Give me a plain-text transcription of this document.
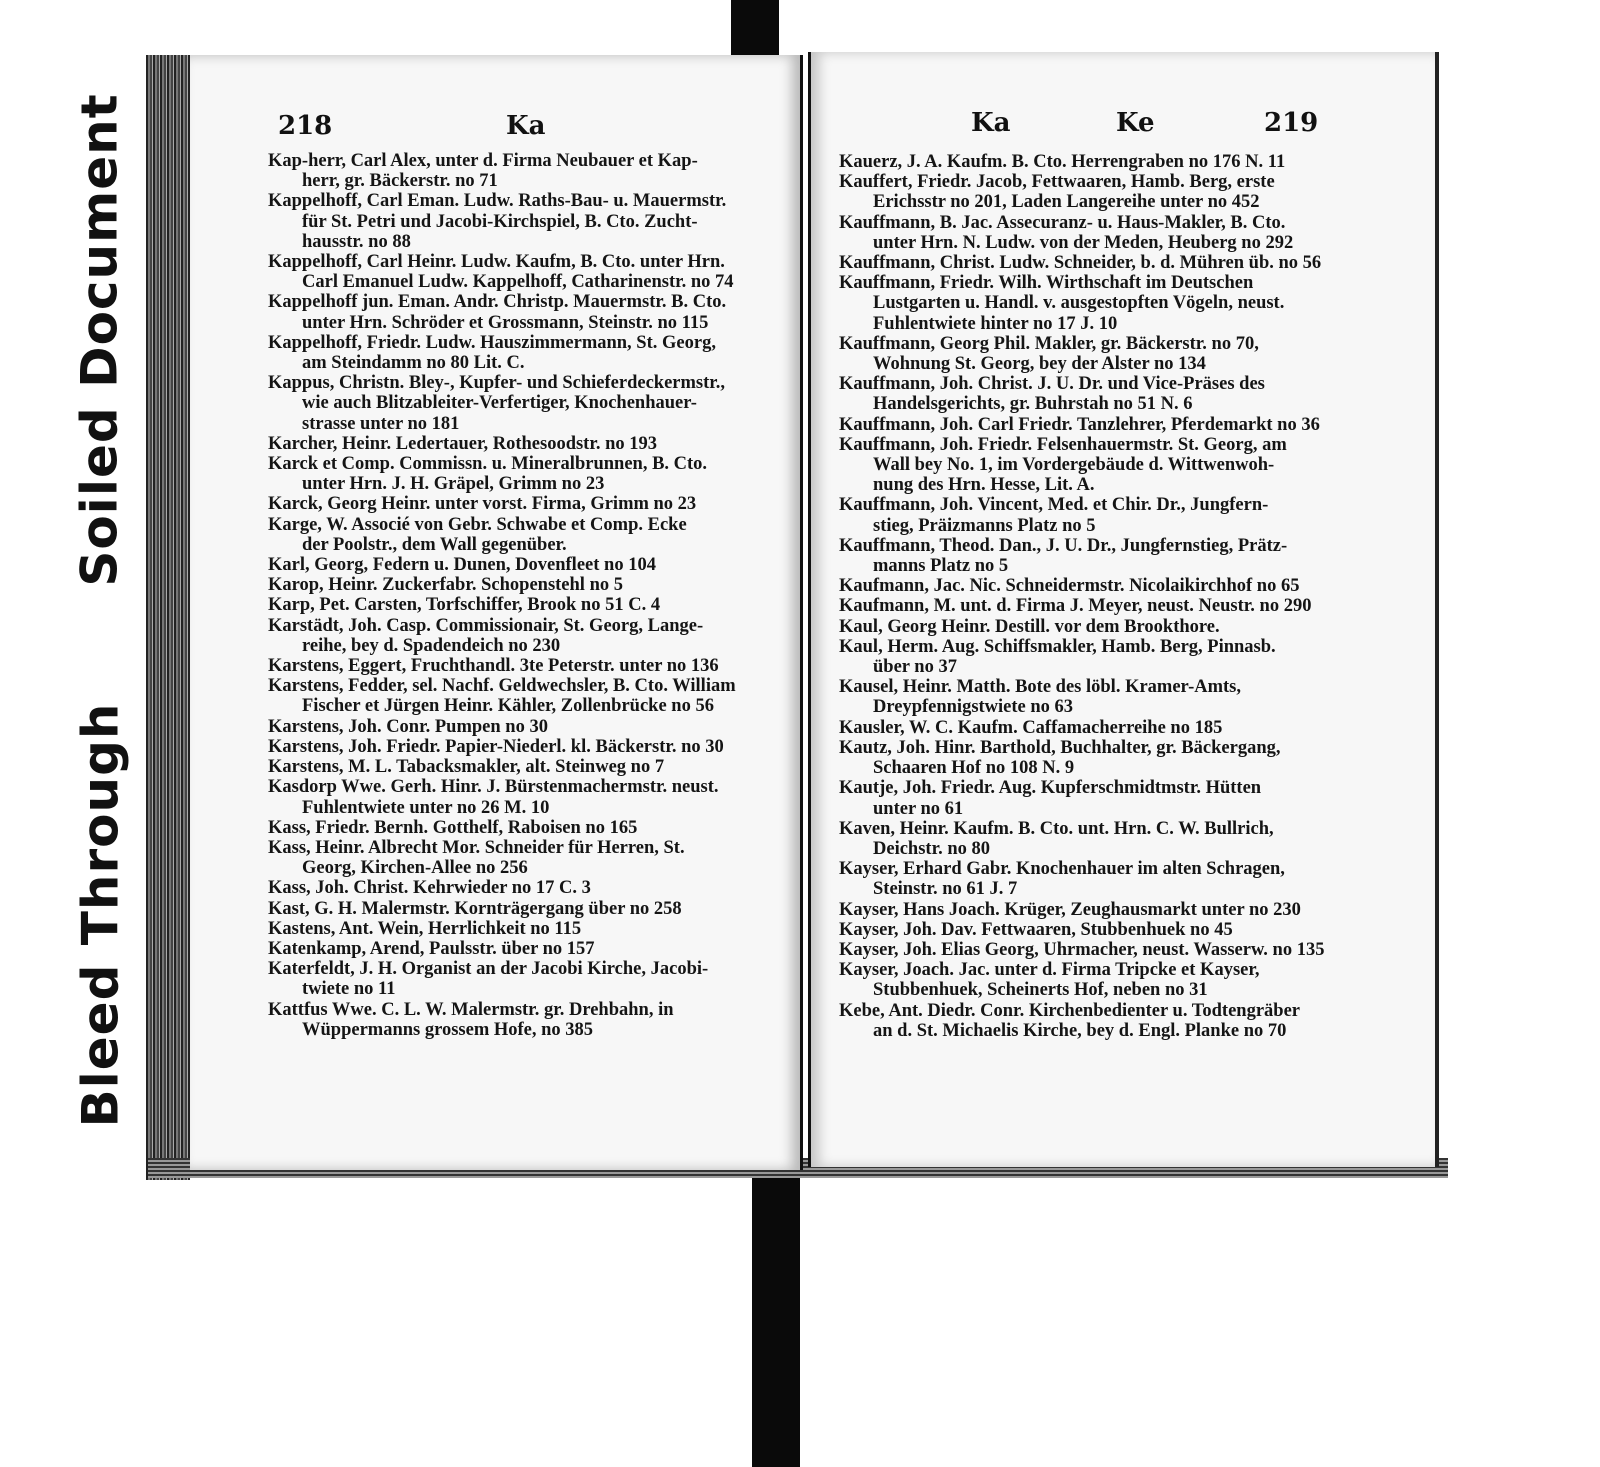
Soiled Document
Bleed Through
218	Ka
Kap-herr, Carl Alex, unter d. Firma Neubauer et Kap-
herr, gr. Bäckerstr. no 71
Kappelhoff, Carl Eman. Ludw. Raths-Bau- u. Mauermstr.
für St. Petri und Jacobi-Kirchspiel, B. Cto. Zucht-
hausstr. no 88
Kappelhoff, Carl Heinr. Ludw. Kaufm, B. Cto. unter Hrn.
Carl Emanuel Ludw. Kappelhoff, Catharinenstr. no 74
Kappelhoff jun. Eman. Andr. Christp. Mauermstr. B. Cto.
unter Hrn. Schröder et Grossmann, Steinstr. no 115
Kappelhoff, Friedr. Ludw. Hauszimmermann, St. Georg,
am Steindamm no 80 Lit. C.
Kappus, Christn. Bley-, Kupfer- und Schieferdeckermstr.,
wie auch Blitzableiter-Verfertiger, Knochenhauer-
strasse unter no 181
Karcher, Heinr. Ledertauer, Rothesoodstr. no 193
Karck et Comp. Commissn. u. Mineralbrunnen, B. Cto.
unter Hrn. J. H. Gräpel, Grimm no 23
Karck, Georg Heinr. unter vorst. Firma, Grimm no 23
Karge, W. Associé von Gebr. Schwabe et Comp. Ecke
der Poolstr., dem Wall gegenüber.
Karl, Georg, Federn u. Dunen, Dovenfleet no 104
Karop, Heinr. Zuckerfabr. Schopenstehl no 5
Karp, Pet. Carsten, Torfschiffer, Brook no 51 C. 4
Karstädt, Joh. Casp. Commissionair, St. Georg, Lange-
reihe, bey d. Spadendeich no 230
Karstens, Eggert, Fruchthandl. 3te Peterstr. unter no 136
Karstens, Fedder, sel. Nachf. Geldwechsler, B. Cto. William
Fischer et Jürgen Heinr. Kähler, Zollenbrücke no 56
Karstens, Joh. Conr. Pumpen no 30
Karstens, Joh. Friedr. Papier-Niederl. kl. Bäckerstr. no 30
Karstens, M. L. Tabacksmakler, alt. Steinweg no 7
Kasdorp Wwe. Gerh. Hinr. J. Bürstenmachermstr. neust.
Fuhlentwiete unter no 26 M. 10
Kass, Friedr. Bernh. Gotthelf, Raboisen no 165
Kass, Heinr. Albrecht Mor. Schneider für Herren, St.
Georg, Kirchen-Allee no 256
Kass, Joh. Christ. Kehrwieder no 17 C. 3
Kast, G. H. Malermstr. Kornträgergang über no 258
Kastens, Ant. Wein, Herrlichkeit no 115
Katenkamp, Arend, Paulsstr. über no 157
Katerfeldt, J. H. Organist an der Jacobi Kirche, Jacobi-
twiete no 11
Kattfus Wwe. C. L. W. Malermstr. gr. Drehbahn, in
Wüppermanns grossem Hofe, no 385
Ka	Ke	219
Kauerz, J. A. Kaufm. B. Cto. Herrengraben no 176 N. 11
Kauffert, Friedr. Jacob, Fettwaaren, Hamb. Berg, erste
Erichsstr no 201, Laden Langereihe unter no 452
Kauffmann, B. Jac. Assecuranz- u. Haus-Makler, B. Cto.
unter Hrn. N. Ludw. von der Meden, Heuberg no 292
Kauffmann, Christ. Ludw. Schneider, b. d. Mühren üb. no 56
Kauffmann, Friedr. Wilh. Wirthschaft im Deutschen
Lustgarten u. Handl. v. ausgestopften Vögeln, neust.
Fuhlentwiete hinter no 17 J. 10
Kauffmann, Georg Phil. Makler, gr. Bäckerstr. no 70,
Wohnung St. Georg, bey der Alster no 134
Kauffmann, Joh. Christ. J. U. Dr. und Vice-Präses des
Handelsgerichts, gr. Buhrstah no 51 N. 6
Kauffmann, Joh. Carl Friedr. Tanzlehrer, Pferdemarkt no 36
Kauffmann, Joh. Friedr. Felsenhauermstr. St. Georg, am
Wall bey No. 1, im Vordergebäude d. Wittwenwoh-
nung des Hrn. Hesse, Lit. A.
Kauffmann, Joh. Vincent, Med. et Chir. Dr., Jungfern-
stieg, Präizmanns Platz no 5
Kauffmann, Theod. Dan., J. U. Dr., Jungfernstieg, Prätz-
manns Platz no 5
Kaufmann, Jac. Nic. Schneidermstr. Nicolaikirchhof no 65
Kaufmann, M. unt. d. Firma J. Meyer, neust. Neustr. no 290
Kaul, Georg Heinr. Destill. vor dem Brookthore.
Kaul, Herm. Aug. Schiffsmakler, Hamb. Berg, Pinnasb.
über no 37
Kausel, Heinr. Matth. Bote des löbl. Kramer-Amts,
Dreypfennigstwiete no 63
Kausler, W. C. Kaufm. Caffamacherreihe no 185
Kautz, Joh. Hinr. Barthold, Buchhalter, gr. Bäckergang,
Schaaren Hof no 108 N. 9
Kautje, Joh. Friedr. Aug. Kupferschmidtmstr. Hütten
unter no 61
Kaven, Heinr. Kaufm. B. Cto. unt. Hrn. C. W. Bullrich,
Deichstr. no 80
Kayser, Erhard Gabr. Knochenhauer im alten Schragen,
Steinstr. no 61 J. 7
Kayser, Hans Joach. Krüger, Zeughausmarkt unter no 230
Kayser, Joh. Dav. Fettwaaren, Stubbenhuek no 45
Kayser, Joh. Elias Georg, Uhrmacher, neust. Wasserw. no 135
Kayser, Joach. Jac. unter d. Firma Tripcke et Kayser,
Stubbenhuek, Scheinerts Hof, neben no 31
Kebe, Ant. Diedr. Conr. Kirchenbedienter u. Todtengräber
an d. St. Michaelis Kirche, bey d. Engl. Planke no 70
